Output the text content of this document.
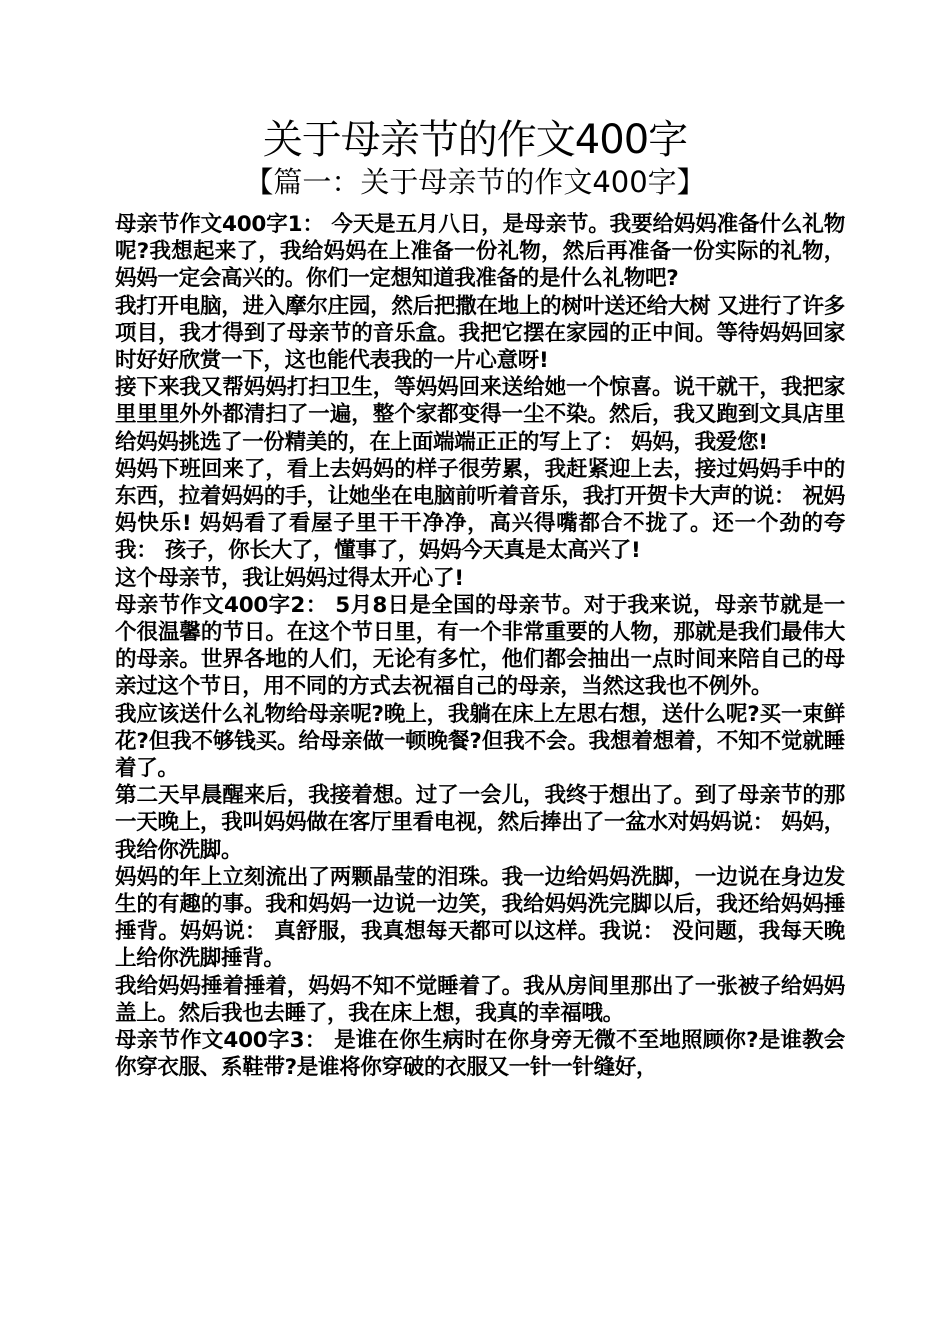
关于母亲节的作文400字
【篇一：关于母亲节的作文400字】

母亲节作文400字1： 今天是五月八日，是母亲节。我要给妈妈准备什么礼物呢?我想起来了，我给妈妈在上准备一份礼物，然后再准备一份实际的礼物，妈妈一定会高兴的。你们一定想知道我准备的是什么礼物吧?

我打开电脑，进入摩尔庄园，然后把撒在地上的树叶送还给大树 又进行了许多项目，我才得到了母亲节的音乐盒。我把它摆在家园的正中间。等待妈妈回家时好好欣赏一下，这也能代表我的一片心意呀!

接下来我又帮妈妈打扫卫生，等妈妈回来送给她一个惊喜。说干就干，我把家里里里外外都清扫了一遍，整个家都变得一尘不染。然后，我又跑到文具店里给妈妈挑选了一份精美的，在上面端端正正的写上了： 妈妈，我爱您!

妈妈下班回来了，看上去妈妈的样子很劳累，我赶紧迎上去，接过妈妈手中的东西，拉着妈妈的手，让她坐在电脑前听着音乐，我打开贺卡大声的说： 祝妈妈快乐! 妈妈看了看屋子里干干净净，高兴得嘴都合不拢了。还一个劲的夸我： 孩子，你长大了，懂事了，妈妈今天真是太高兴了!

这个母亲节，我让妈妈过得太开心了!

母亲节作文400字2： 5月8日是全国的母亲节。对于我来说，母亲节就是一个很温馨的节日。在这个节日里，有一个非常重要的人物，那就是我们最伟大的母亲。世界各地的人们，无论有多忙，他们都会抽出一点时间来陪自己的母亲过这个节日，用不同的方式去祝福自己的母亲，当然这我也不例外。

我应该送什么礼物给母亲呢?晚上，我躺在床上左思右想，送什么呢?买一束鲜花?但我不够钱买。给母亲做一顿晚餐?但我不会。我想着想着，不知不觉就睡着了。

第二天早晨醒来后，我接着想。过了一会儿，我终于想出了。到了母亲节的那一天晚上，我叫妈妈做在客厅里看电视，然后捧出了一盆水对妈妈说： 妈妈，我给你洗脚。

妈妈的年上立刻流出了两颗晶莹的泪珠。我一边给妈妈洗脚，一边说在身边发生的有趣的事。我和妈妈一边说一边笑，我给妈妈洗完脚以后，我还给妈妈捶捶背。妈妈说： 真舒服，我真想每天都可以这样。我说： 没问题，我每天晚上给你洗脚捶背。

我给妈妈捶着捶着，妈妈不知不觉睡着了。我从房间里那出了一张被子给妈妈盖上。然后我也去睡了，我在床上想，我真的幸福哦。

母亲节作文400字3： 是谁在你生病时在你身旁无微不至地照顾你?是谁教会你穿衣服、系鞋带?是谁将你穿破的衣服又一针一针缝好，
